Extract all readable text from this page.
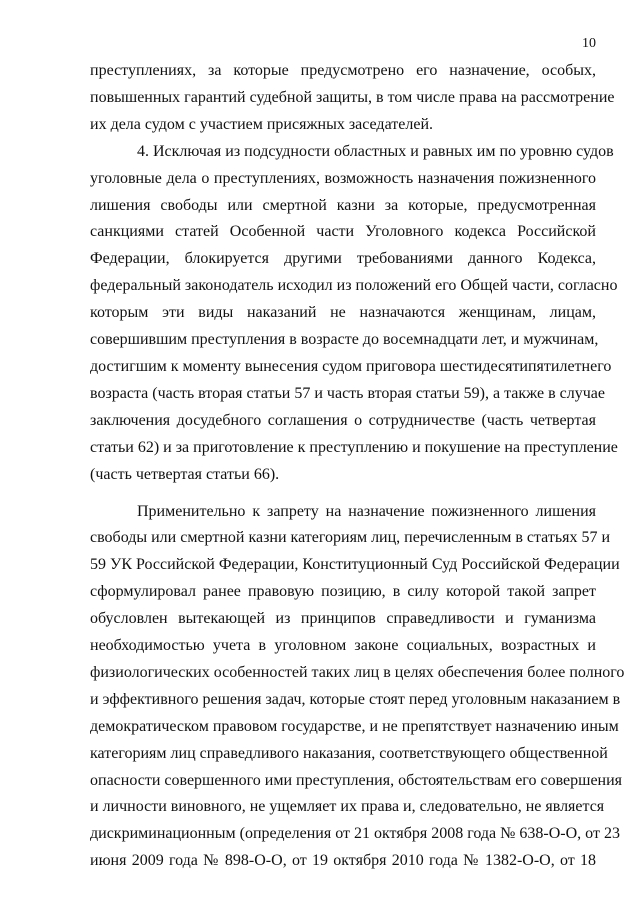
10

преступлениях, за которые предусмотрено его назначение, особых,
повышенных гарантий судебной защиты, в том числе права на рассмотрение
их дела судом с участием присяжных заседателей.

4. Исключая из подсудности областных и равных им по уровню судов
уголовные дела о преступлениях, возможность назначения пожизненного
лишения свободы или смертной казни за которые, предусмотренная
санкциями статей Особенной части Уголовного кодекса Российской
Федерации, блокируется другими требованиями данного Кодекса,
федеральный законодатель исходил из положений его Общей части, согласно
которым эти виды наказаний не назначаются женщинам, лицам,
совершившим преступления в возрасте до восемнадцати лет, и мужчинам,
достигшим к моменту вынесения судом приговора шестидесятипятилетнего
возраста (часть вторая статьи 57 и часть вторая статьи 59), а также в случае
заключения досудебного соглашения о сотрудничестве (часть четвертая
статьи 62) и за приготовление к преступлению и покушение на преступление
(часть четвертая статьи 66).

Применительно к запрету на назначение пожизненного лишения
свободы или смертной казни категориям лиц, перечисленным в статьях 57 и
59 УК Российской Федерации, Конституционный Суд Российской Федерации
сформулировал ранее правовую позицию, в силу которой такой запрет
обусловлен вытекающей из принципов справедливости и гуманизма
необходимостью учета в уголовном законе социальных, возрастных и
физиологических особенностей таких лиц в целях обеспечения более полного
и эффективного решения задач, которые стоят перед уголовным наказанием в
демократическом правовом государстве, и не препятствует назначению иным
категориям лиц справедливого наказания, соответствующего общественной
опасности совершенного ими преступления, обстоятельствам его совершения
и личности виновного, не ущемляет их права и, следовательно, не является
дискриминационным (определения от 21 октября 2008 года № 638-О-О, от 23
июня 2009 года № 898-О-О, от 19 октября 2010 года № 1382-О-О, от 18
